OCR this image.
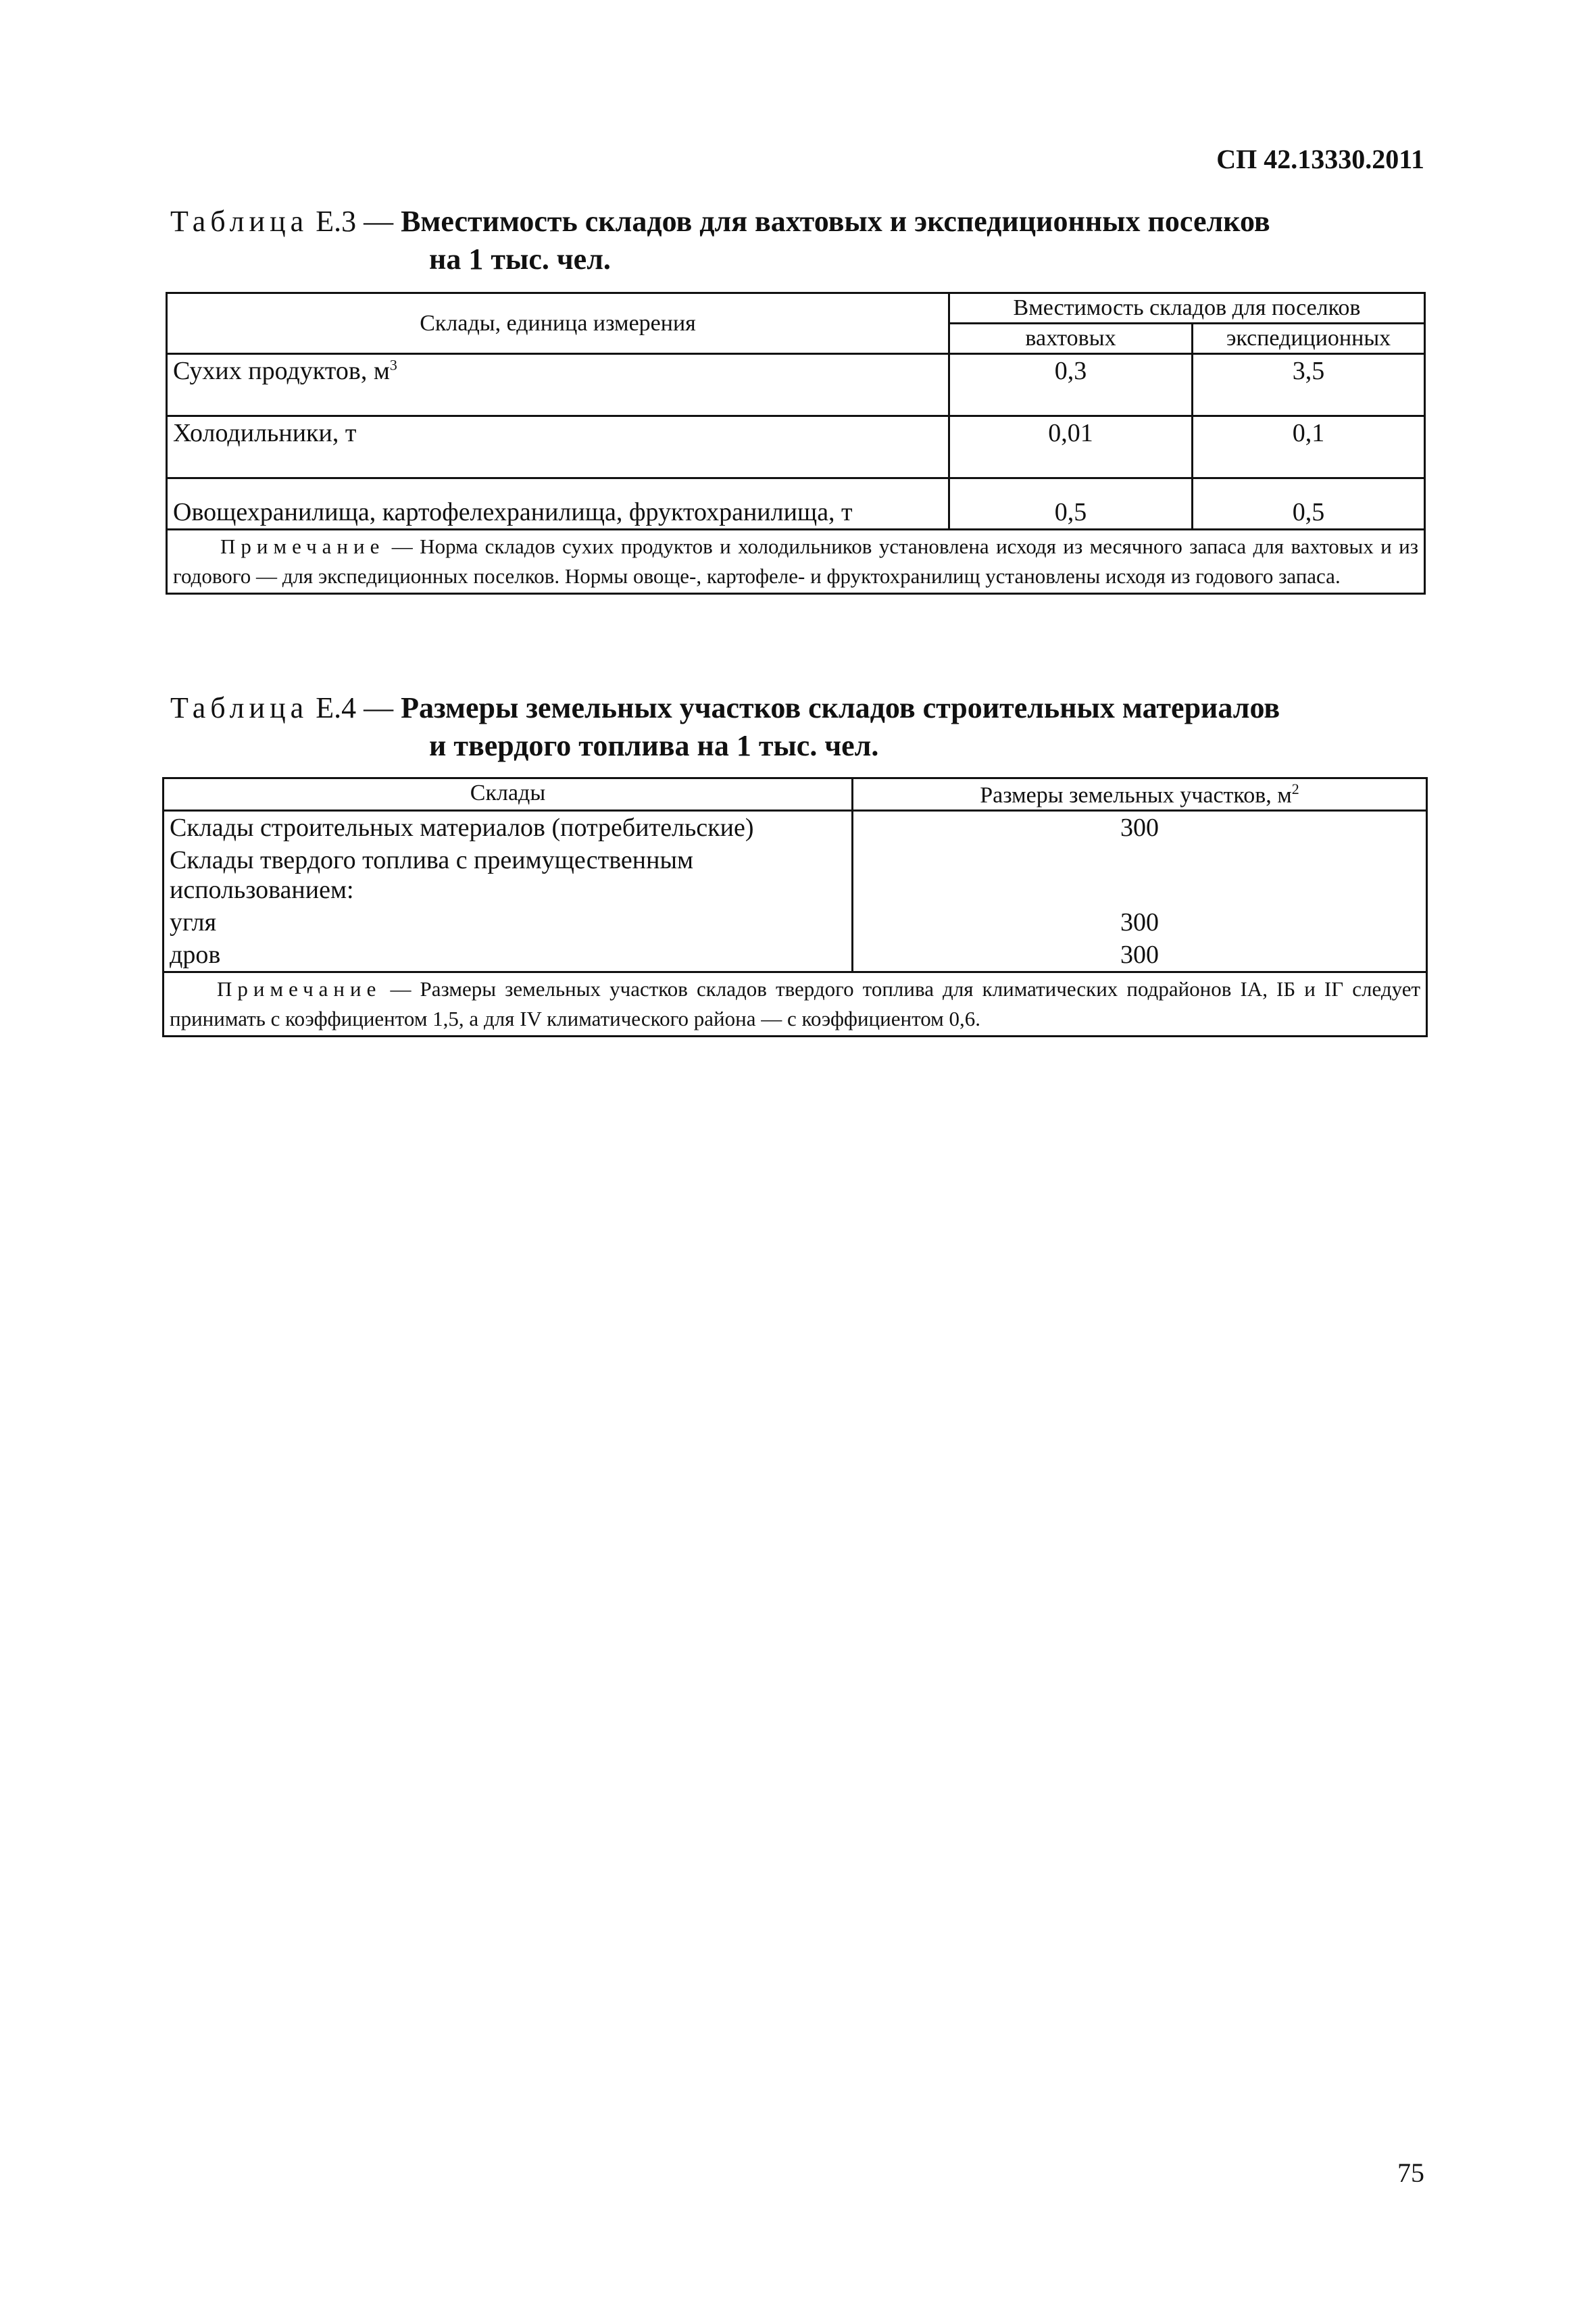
СП 42.13330.2011
Таблица Е.3 — Вместимость складов для вахтовых и экспедиционных поселков
на 1 тыс. чел.
Склады, единица измерения	Вместимость складов для поселков	
	вахтовых	экспедиционных
Сухих продуктов, $м^3$	0,3	3,5
Холодильники, т	0,01	0,1
Овощехранилища, картофелехранилища, фруктохранилища, т	0,5	0,5
Примечание — Норма складов сухих продуктов и холодильников установлена исходя из месячного запаса для вахтовых и из годового — для экспедиционных поселков. Нормы овоще-, картофеле- и фруктохранилищ установлены исходя из годового запаса.		
Таблица Е.4 — Размеры земельных участков складов строительных материалов
и твердого топлива на 1 тыс. чел.
Склады	Размеры земельных участков, $м^2$
Склады строительных материалов (потребительские)	300
Склады твердого топлива с преимущественным использованием:	
угля	300
дров	300
Примечание — Размеры земельных участков складов твердого топлива для климатических подрайонов IА, IБ и IГ следует принимать с коэффициентом 1,5, а для IV климатического района — с коэффициентом 0,6.	
75
